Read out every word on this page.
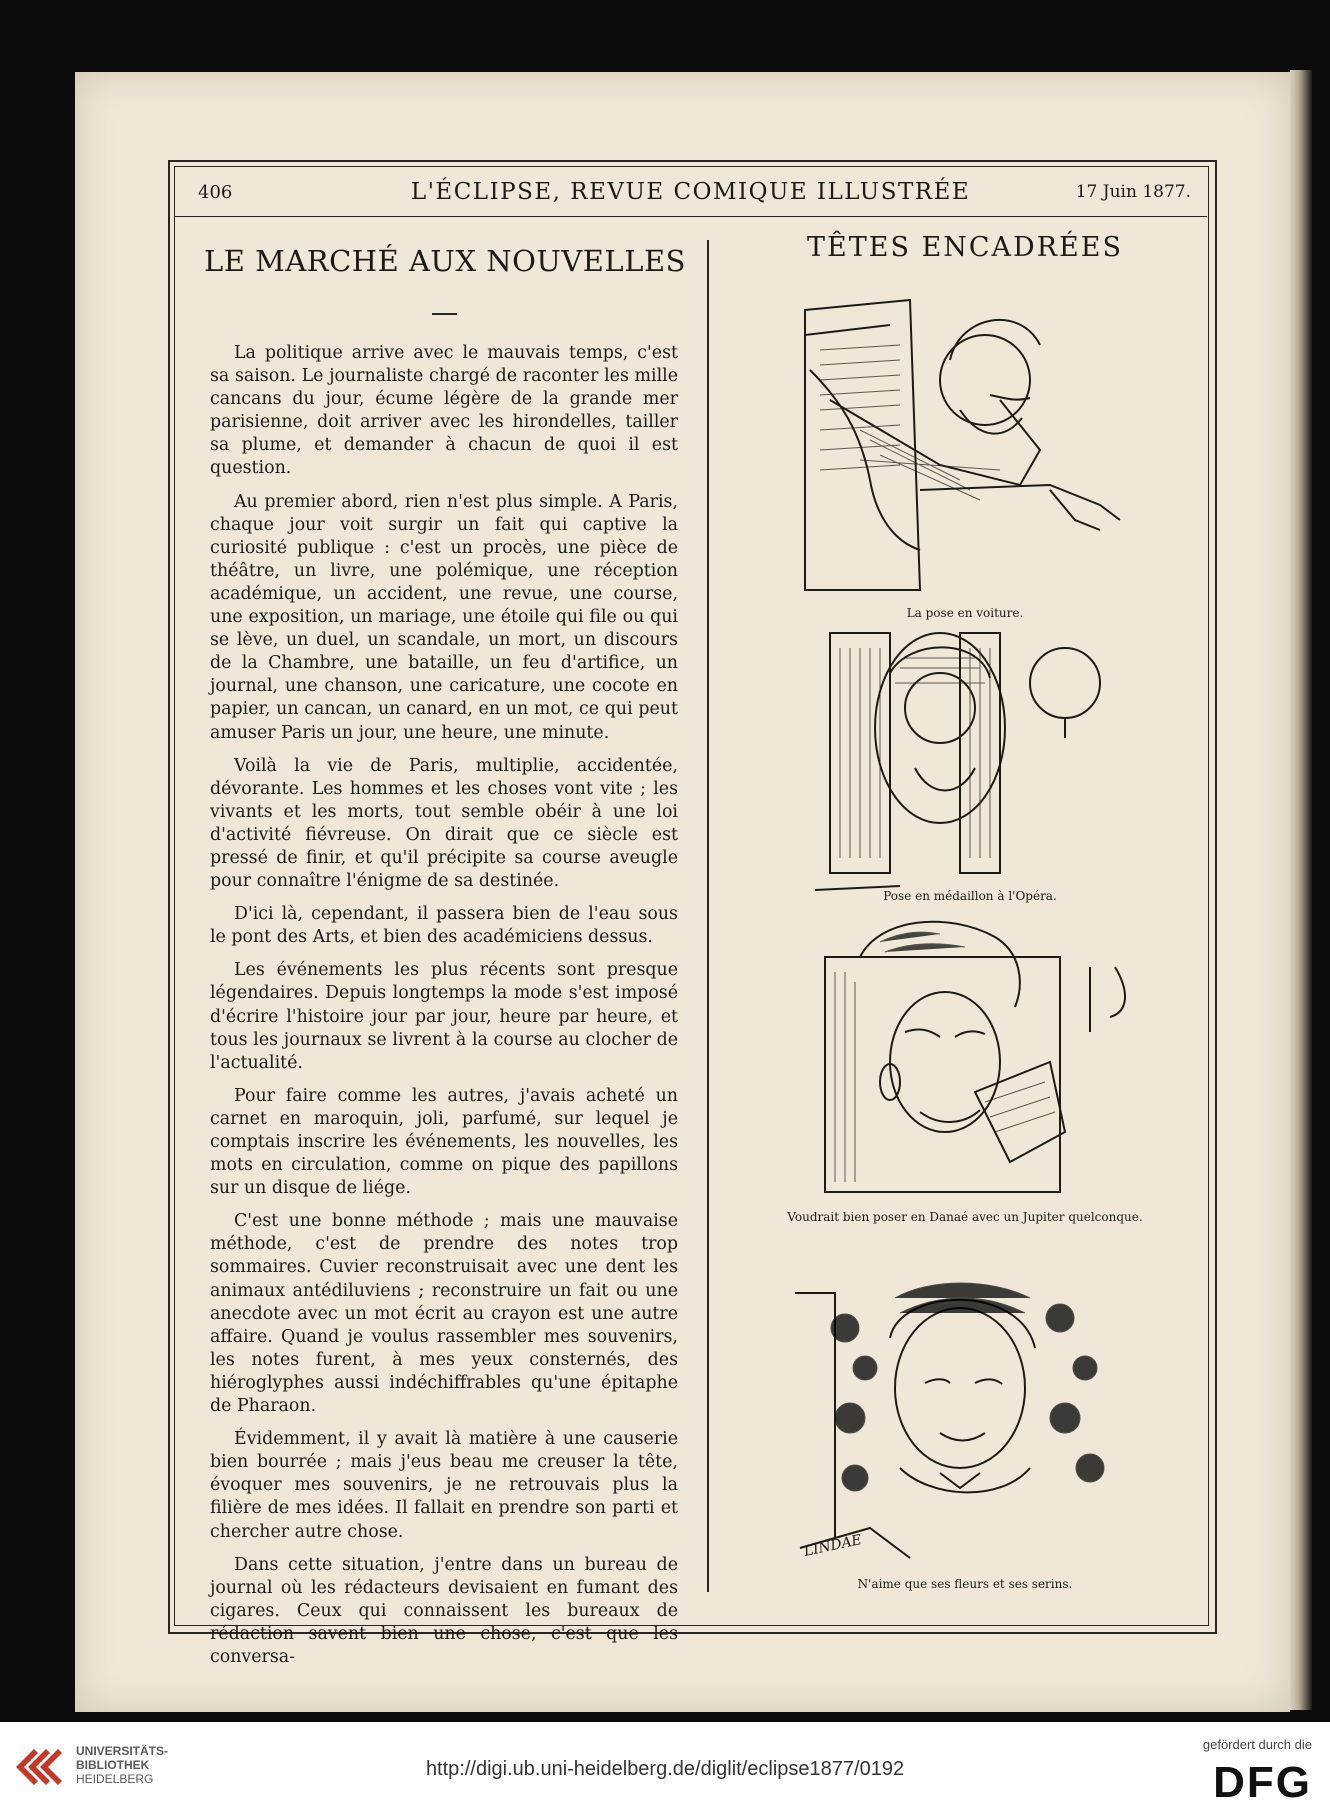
406	L'ÉCLIPSE, REVUE COMIQUE ILLUSTRÉE	17 Juin 1877.
LE MARCHÉ AUX NOUVELLES

La politique arrive avec le mauvais temps, c'est sa saison. Le journaliste chargé de raconter les mille cancans du jour, écume légère de la grande mer parisienne, doit arriver avec les hirondelles, tailler sa plume, et demander à chacun de quoi il est question.

Au premier abord, rien n'est plus simple. A Paris, chaque jour voit surgir un fait qui captive la curiosité publique : c'est un procès, une pièce de théâtre, un livre, une polémique, une réception académique, un accident, une revue, une course, une exposition, un mariage, une étoile qui file ou qui se lève, un duel, un scandale, un mort, un discours de la Chambre, une bataille, un feu d'artifice, un journal, une chanson, une caricature, une cocote en papier, un cancan, un canard, en un mot, ce qui peut amuser Paris un jour, une heure, une minute.

Voilà la vie de Paris, multiplie, accidentée, dévorante. Les hommes et les choses vont vite ; les vivants et les morts, tout semble obéir à une loi d'activité fiévreuse. On dirait que ce siècle est pressé de finir, et qu'il précipite sa course aveugle pour connaître l'énigme de sa destinée.

D'ici là, cependant, il passera bien de l'eau sous le pont des Arts, et bien des académiciens dessus.

Les événements les plus récents sont presque légendaires. Depuis longtemps la mode s'est imposé d'écrire l'histoire jour par jour, heure par heure, et tous les journaux se livrent à la course au clocher de l'actualité.

Pour faire comme les autres, j'avais acheté un carnet en maroquin, joli, parfumé, sur lequel je comptais inscrire les événements, les nouvelles, les mots en circulation, comme on pique des papillons sur un disque de liége.

C'est une bonne méthode ; mais une mauvaise méthode, c'est de prendre des notes trop sommaires. Cuvier reconstruisait avec une dent les animaux antédiluviens ; reconstruire un fait ou une anecdote avec un mot écrit au crayon est une autre affaire. Quand je voulus rassembler mes souvenirs, les notes furent, à mes yeux consternés, des hiéroglyphes aussi indéchiffrables qu'une épitaphe de Pharaon.

Évidemment, il y avait là matière à une causerie bien bourrée ; mais j'eus beau me creuser la tête, évoquer mes souvenirs, je ne retrouvais plus la filière de mes idées. Il fallait en prendre son parti et chercher autre chose.

Dans cette situation, j'entre dans un bureau de journal où les rédacteurs devisaient en fumant des cigares. Ceux qui connaissent les bureaux de rédaction savent bien une chose, c'est que les conversa-

TÊTES ENCADRÉES
La pose en voiture.
Pose en médaillon à l'Opéra.
Voudrait bien poser en Danaé avec un Jupiter quelconque.
LINDAE
N'aime que ses fleurs et ses serins.
UNIVERSITÄTS-
BIBLIOTHEK
HEIDELBERG	http://digi.ub.uni-heidelberg.de/diglit/eclipse1877/0192
gefördert durch die
DFG
